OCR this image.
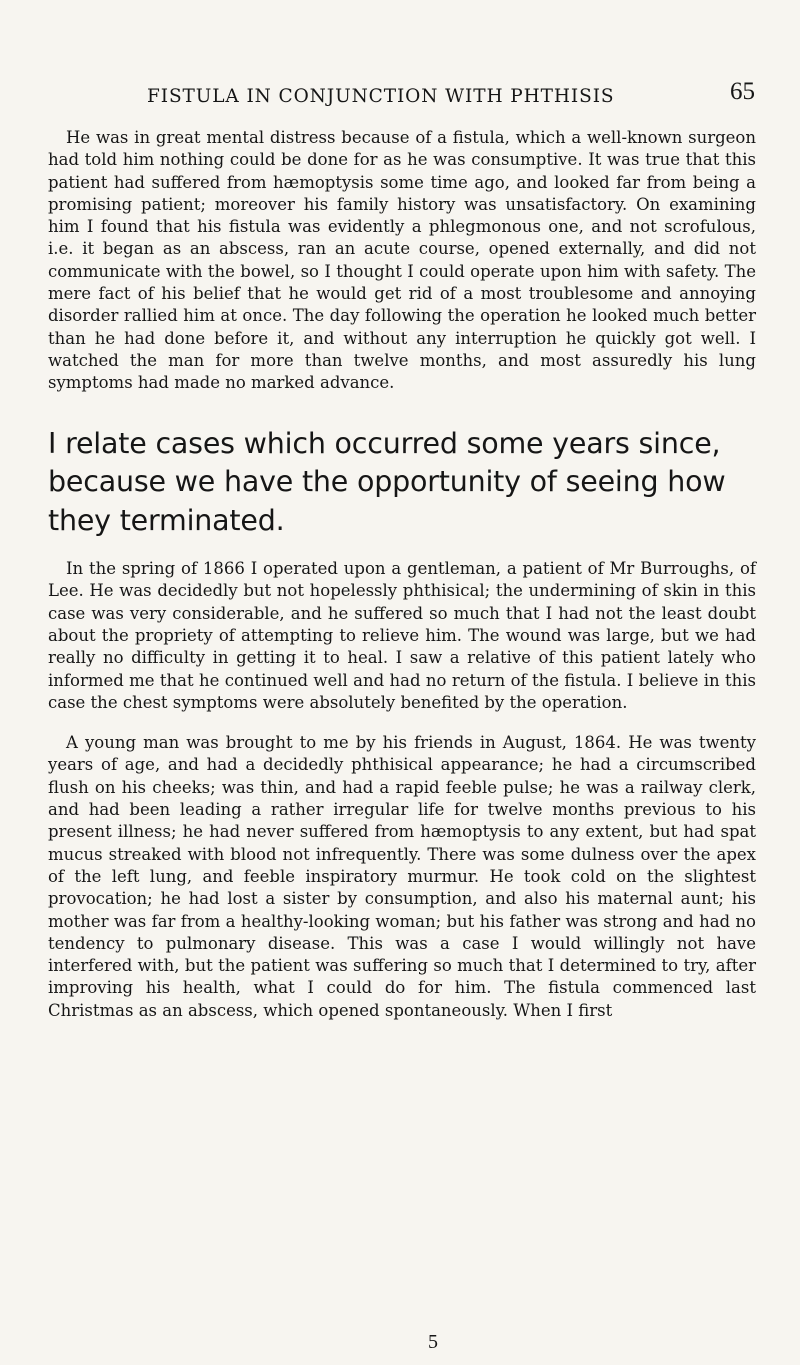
FISTULA IN CONJUNCTION WITH PHTHISIS	65

He was in great mental distress because of a fistula, which a well-known surgeon had told him nothing could be done for as he was consumptive. It was true that this patient had suffered from hæmoptysis some time ago, and looked far from being a promising patient; moreover his family history was unsatisfactory. On examining him I found that his fistula was evidently a phlegmonous one, and not scrofulous, i.e. it began as an abscess, ran an acute course, opened externally, and did not communicate with the bowel, so I thought I could operate upon him with safety. The mere fact of his belief that he would get rid of a most troublesome and annoying disorder rallied him at once. The day following the operation he looked much better than he had done before it, and without any interruption he quickly got well. I watched the man for more than twelve months, and most assuredly his lung symptoms had made no marked advance.

I relate cases which occurred some years since, because we have the opportunity of seeing how they terminated.

In the spring of 1866 I operated upon a gentleman, a patient of Mr Burroughs, of Lee. He was decidedly but not hopelessly phthisical; the undermining of skin in this case was very considerable, and he suffered so much that I had not the least doubt about the propriety of attempting to relieve him. The wound was large, but we had really no difficulty in getting it to heal. I saw a relative of this patient lately who informed me that he continued well and had no return of the fistula. I believe in this case the chest symptoms were absolutely benefited by the operation.

A young man was brought to me by his friends in August, 1864. He was twenty years of age, and had a decidedly phthisical appearance; he had a circumscribed flush on his cheeks; was thin, and had a rapid feeble pulse; he was a railway clerk, and had been leading a rather irregular life for twelve months previous to his present illness; he had never suffered from hæmoptysis to any extent, but had spat mucus streaked with blood not infrequently. There was some dulness over the apex of the left lung, and feeble inspiratory murmur. He took cold on the slightest provocation; he had lost a sister by consumption, and also his maternal aunt; his mother was far from a healthy-looking woman; but his father was strong and had no tendency to pulmonary disease. This was a case I would willingly not have interfered with, but the patient was suffering so much that I determined to try, after improving his health, what I could do for him. The fistula commenced last Christmas as an abscess, which opened spontaneously. When I first

5
